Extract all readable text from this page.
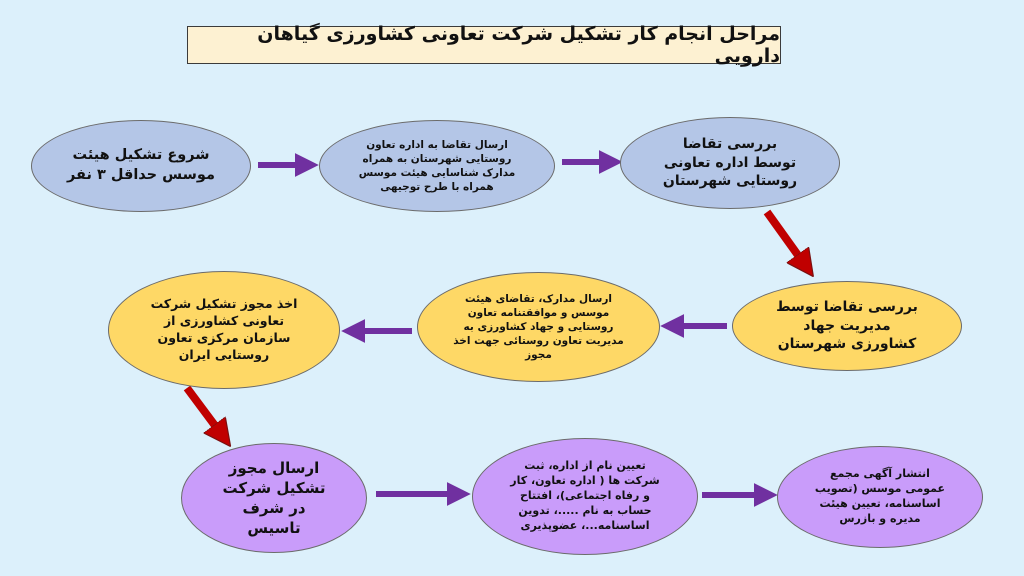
مراحل انجام کار تشکیل شرکت تعاونی کشاورزی گیاهان دارویی
شروع تشکیل هیئت موسس حداقل ۳ نفر
ارسال تقاضا به اداره تعاون روستایی شهرستان به همراه مدارک شناسایی هیئت موسس همراه با طرح توجیهی
بررسی تقاضا توسط اداره تعاونی روستایی شهرستان
بررسی تقاضا توسط مدیریت جهاد کشاورزی شهرستان
ارسال مدارک، تقاضای هیئت موسس و موافقتنامه تعاون روستایی و جهاد کشاورزی به مدیریت تعاون روستائی جهت اخذ مجوز
اخذ مجوز تشکیل شرکت تعاونی کشاورزی از سازمان مرکزی تعاون روستایی ایران
ارسال مجوز تشکیل شرکت در شرف تاسیس
تعیین نام از اداره، ثبت شرکت ها ( اداره تعاون، کار و رفاه اجتماعی)، افتتاح حساب به نام .....، تدوین اساسنامه...، عضوپذیری
انتشار آگهی مجمع عمومی موسس (تصویب اساسنامه، تعیین هیئت مدیره و بازرس
